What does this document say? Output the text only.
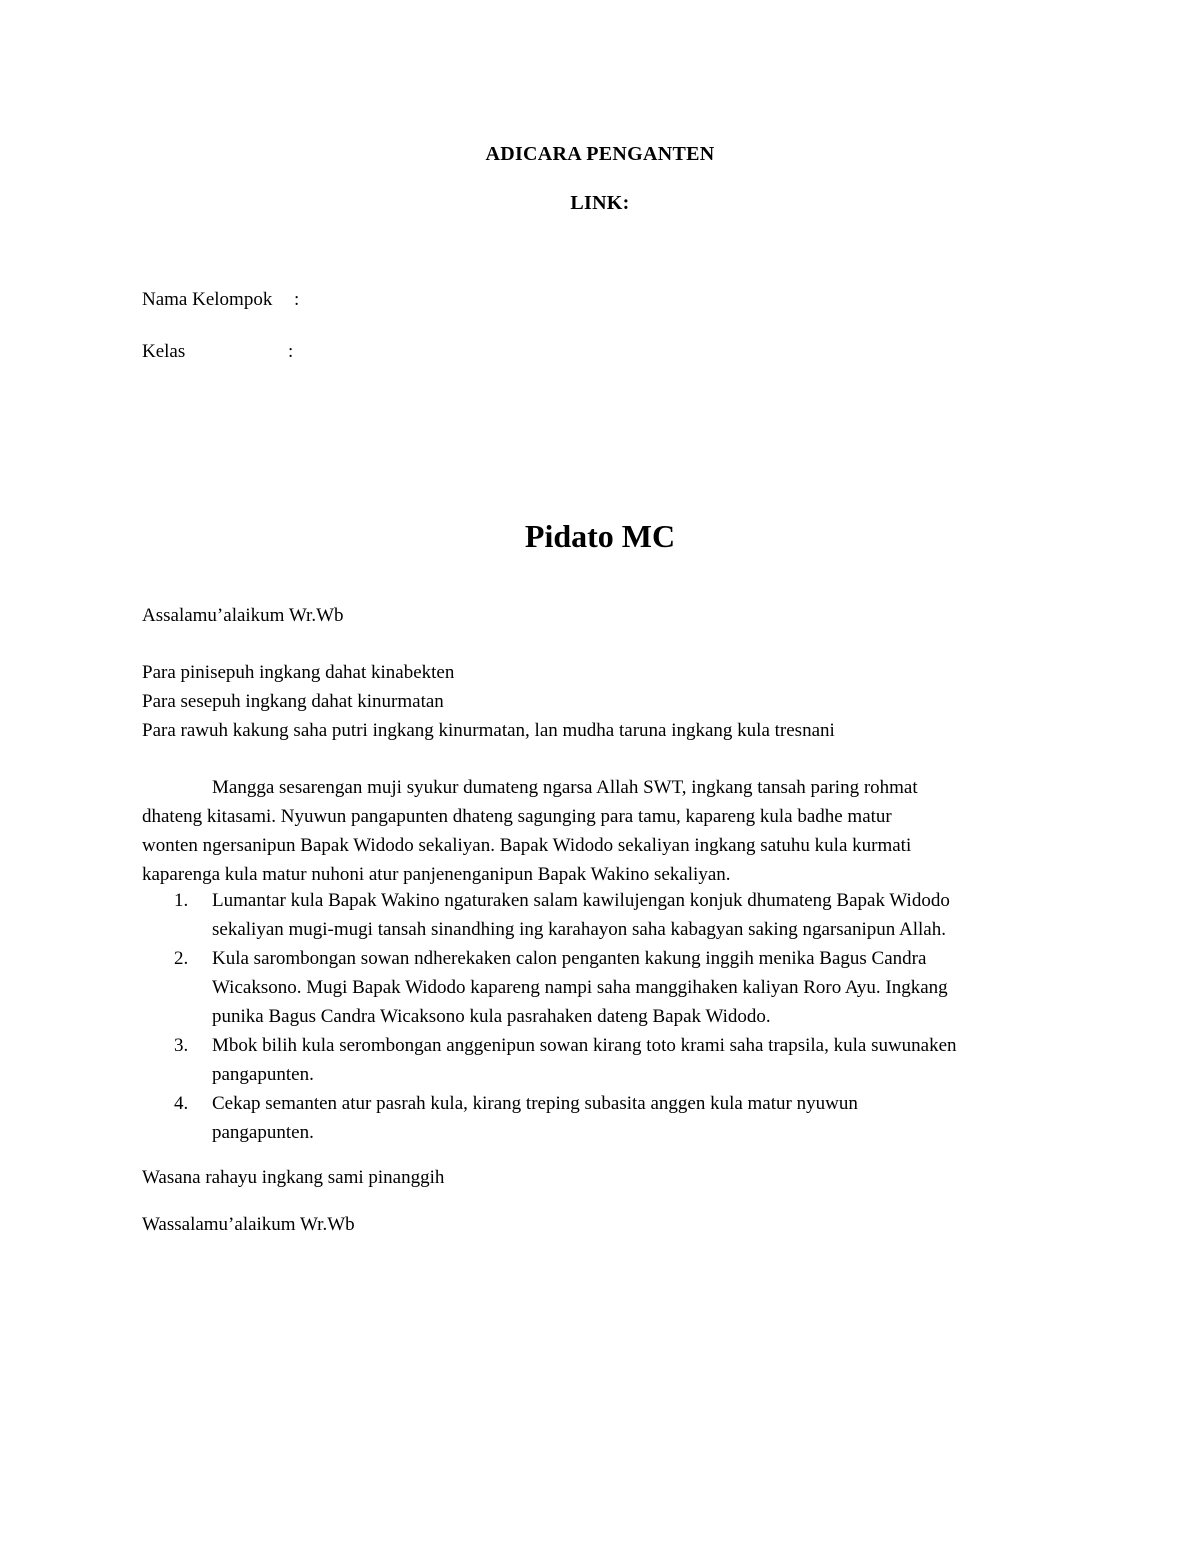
ADICARA PENGANTEN
LINK:
Nama Kelompok :
Kelas	:
Pidato MC
Assalamu’alaikum Wr.Wb
Para pinisepuh ingkang dahat kinabekten
Para sesepuh ingkang dahat kinurmatan
Para rawuh kakung saha putri ingkang kinurmatan, lan mudha taruna ingkang kula tresnani
Mangga sesarengan muji syukur dumateng ngarsa Allah SWT, ingkang tansah paring rohmat
dhateng kitasami. Nyuwun pangapunten dhateng sagunging para tamu, kapareng kula badhe matur
wonten ngersanipun Bapak Widodo sekaliyan. Bapak Widodo sekaliyan ingkang satuhu kula kurmati
kaparenga kula matur nuhoni atur panjenenganipun Bapak Wakino sekaliyan.
1. Lumantar kula Bapak Wakino ngaturaken salam kawilujengan konjuk dhumateng Bapak Widodo
sekaliyan mugi-mugi tansah sinandhing ing karahayon saha kabagyan saking ngarsanipun Allah.
2. Kula sarombongan sowan ndherekaken calon penganten kakung inggih menika Bagus Candra
Wicaksono. Mugi Bapak Widodo kapareng nampi saha manggihaken kaliyan Roro Ayu. Ingkang
punika Bagus Candra Wicaksono kula pasrahaken dateng Bapak Widodo.
3. Mbok bilih kula serombongan anggenipun sowan kirang toto krami saha trapsila, kula suwunaken
pangapunten.
4. Cekap semanten atur pasrah kula, kirang treping subasita anggen kula matur nyuwun
pangapunten.
Wasana rahayu ingkang sami pinanggih
Wassalamu’alaikum Wr.Wb
